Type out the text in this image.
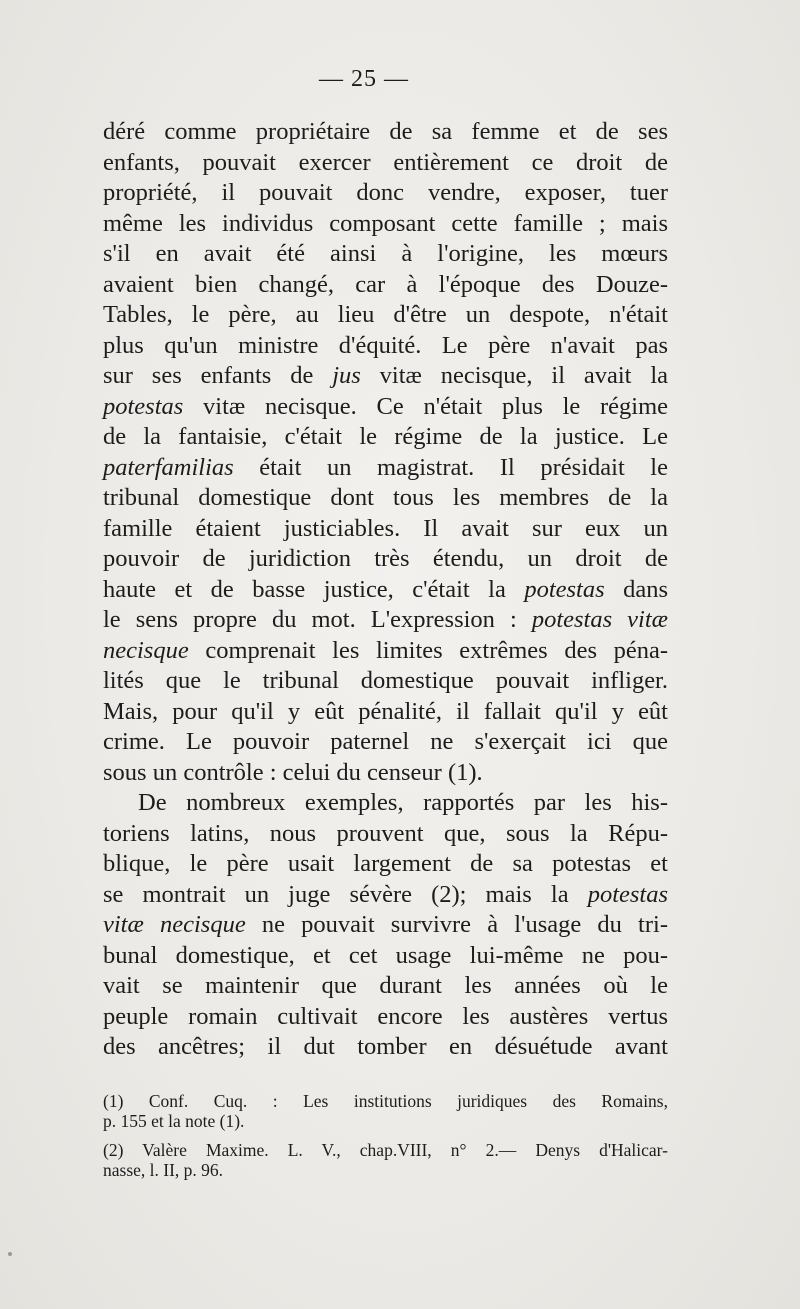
— 25 —
déré comme propriétaire de sa femme et de ses
enfants, pouvait exercer entièrement ce droit de
propriété, il pouvait donc vendre, exposer, tuer
même les individus composant cette famille ; mais
s'il en avait été ainsi à l'origine, les mœurs
avaient bien changé, car à l'époque des Douze-
Tables, le père, au lieu d'être un despote, n'était
plus qu'un ministre d'équité. Le père n'avait pas
sur ses enfants de jus vitæ necisque, il avait la
potestas vitæ necisque. Ce n'était plus le régime
de la fantaisie, c'était le régime de la justice. Le
paterfamilias était un magistrat. Il présidait le
tribunal domestique dont tous les membres de la
famille étaient justiciables. Il avait sur eux un
pouvoir de juridiction très étendu, un droit de
haute et de basse justice, c'était la potestas dans
le sens propre du mot. L'expression : potestas vitæ
necisque comprenait les limites extrêmes des péna-
lités que le tribunal domestique pouvait infliger.
Mais, pour qu'il y eût pénalité, il fallait qu'il y eût
crime. Le pouvoir paternel ne s'exerçait ici que
sous un contrôle : celui du censeur (1).
De nombreux exemples, rapportés par les his-
toriens latins, nous prouvent que, sous la Répu-
blique, le père usait largement de sa potestas et
se montrait un juge sévère (2); mais la potestas
vitæ necisque ne pouvait survivre à l'usage du tri-
bunal domestique, et cet usage lui-même ne pou-
vait se maintenir que durant les années où le
peuple romain cultivait encore les austères vertus
des ancêtres; il dut tomber en désuétude avant
(1) Conf. Cuq. : Les institutions juridiques des Romains,
p. 155 et la note (1).
(2) Valère Maxime. L. V., chap.VIII, n° 2.— Denys d'Halicar-
nasse, l. II, p. 96.
